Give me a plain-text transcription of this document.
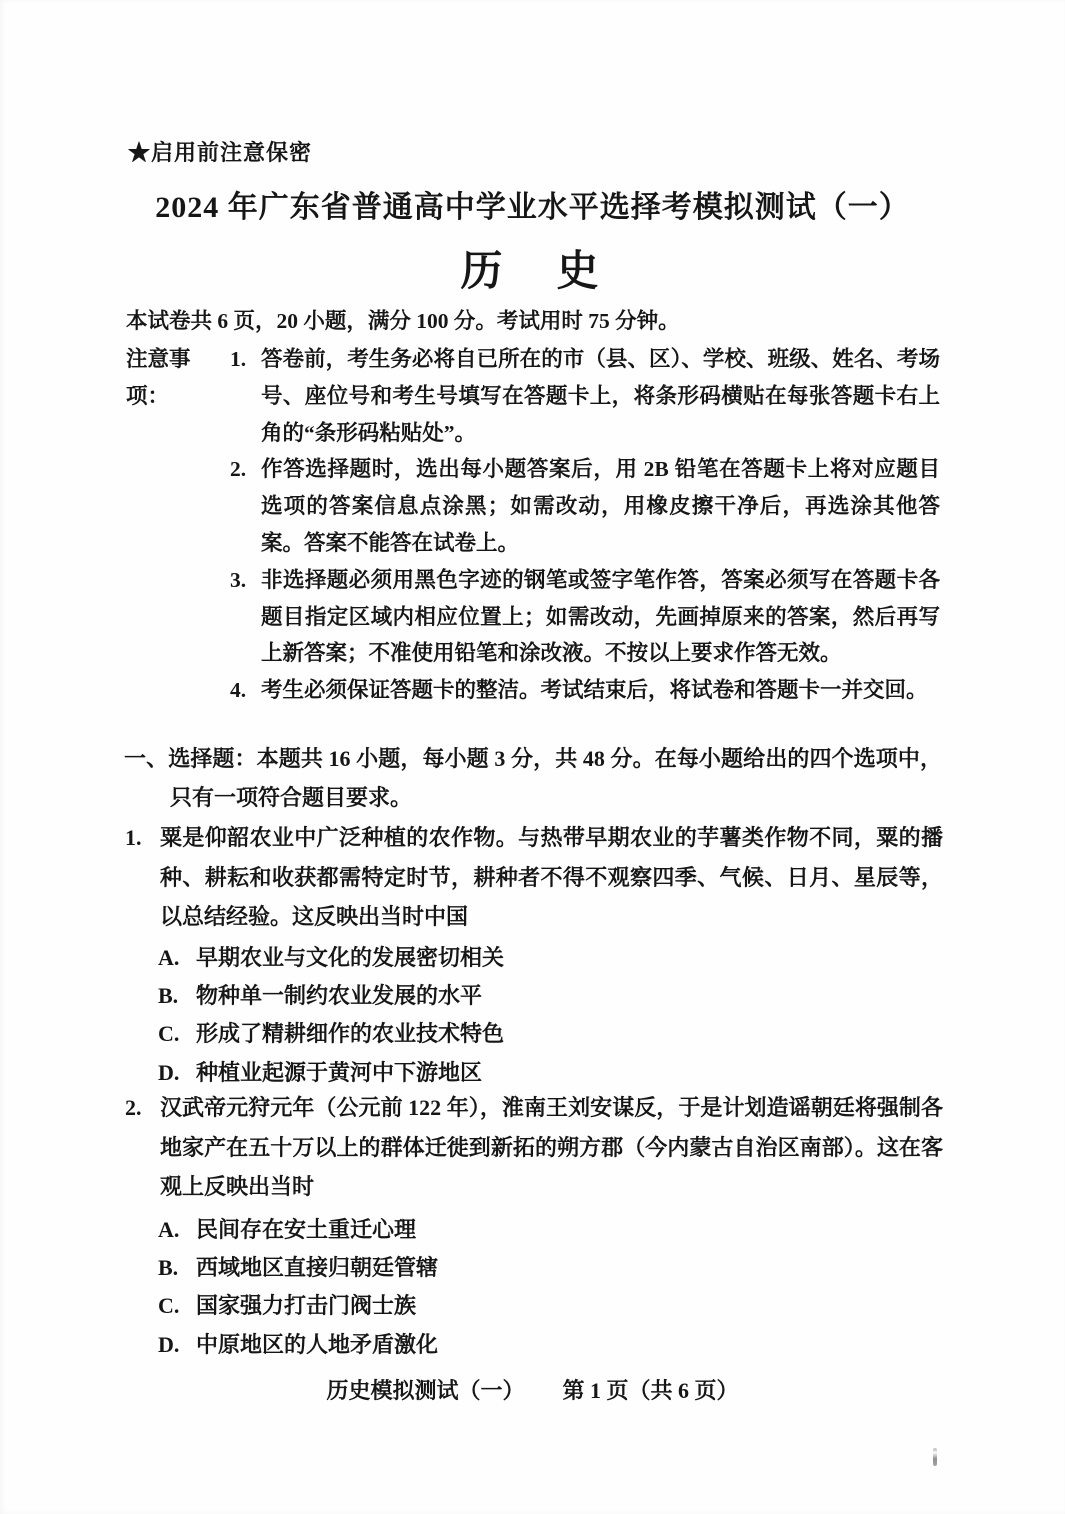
★启用前注意保密
2024 年广东省普通高中学业水平选择考模拟测试（一）
历　史
本试卷共 6 页，20 小题，满分 100 分。考试用时 75 分钟。
注意事项：
1. 答卷前，考生务必将自已所在的市（县、区）、学校、班级、姓名、考场号、座位号和考生号填写在答题卡上，将条形码横贴在每张答题卡右上角的“条形码粘贴处”。
2. 作答选择题时，选出每小题答案后，用 2B 铅笔在答题卡上将对应题目选项的答案信息点涂黑；如需改动，用橡皮擦干净后，再选涂其他答案。答案不能答在试卷上。
3. 非选择题必须用黑色字迹的钢笔或签字笔作答，答案必须写在答题卡各题目指定区域内相应位置上；如需改动，先画掉原来的答案，然后再写上新答案；不准使用铅笔和涂改液。不按以上要求作答无效。
4. 考生必须保证答题卡的整洁。考试结束后，将试卷和答题卡一并交回。
一、选择题：本题共 16 小题，每小题 3 分，共 48 分。在每小题给出的四个选项中，只有一项符合题目要求。
1. 粟是仰韶农业中广泛种植的农作物。与热带早期农业的芋薯类作物不同，粟的播种、耕耘和收获都需特定时节，耕种者不得不观察四季、气候、日月、星辰等，以总结经验。这反映出当时中国
A. 早期农业与文化的发展密切相关
B. 物种单一制约农业发展的水平
C. 形成了精耕细作的农业技术特色
D. 种植业起源于黄河中下游地区
2. 汉武帝元狩元年（公元前 122 年），淮南王刘安谋反，于是计划造谣朝廷将强制各地家产在五十万以上的群体迁徙到新拓的朔方郡（今内蒙古自治区南部）。这在客观上反映出当时
A. 民间存在安土重迁心理
B. 西域地区直接归朝廷管辖
C. 国家强力打击门阀士族
D. 中原地区的人地矛盾激化
历史模拟测试（一） 第 1 页（共 6 页）
